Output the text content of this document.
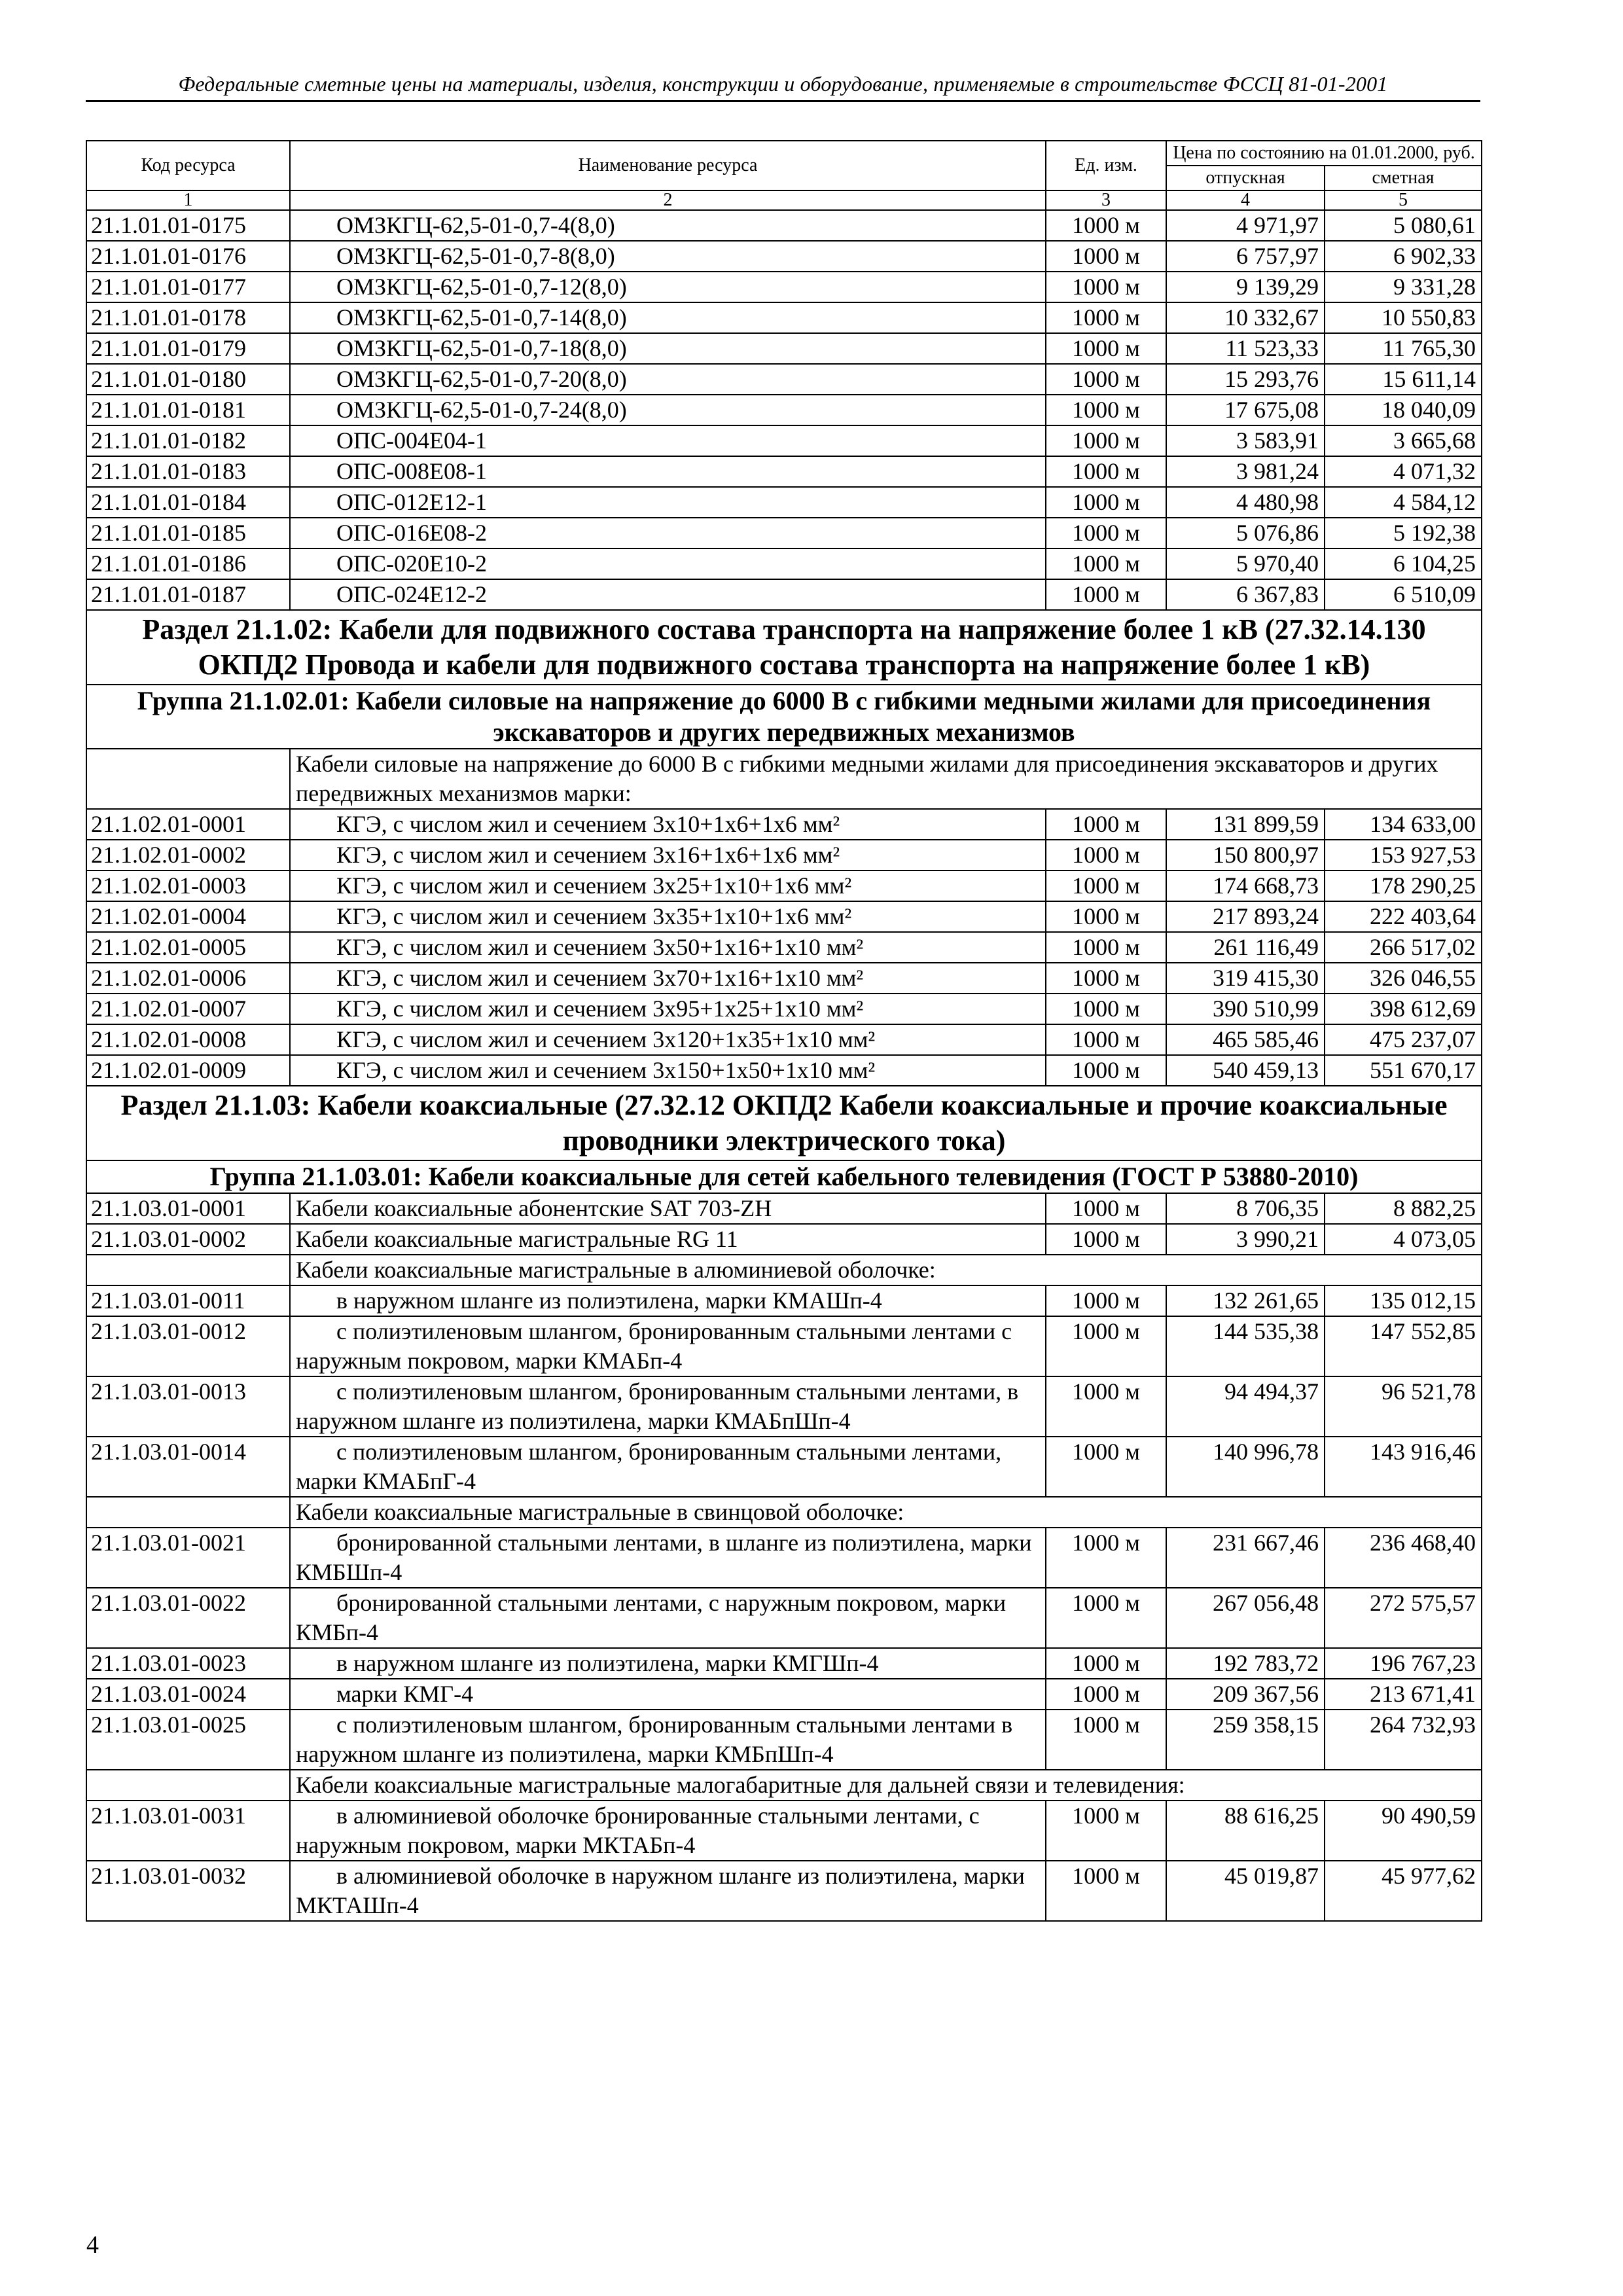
Федеральные сметные цены на материалы, изделия, конструкции и оборудование, применяемые в строительстве ФССЦ 81-01-2001
Код ресурса	Наименование ресурса	Ед. изм.	Цена по состоянию на 01.01.2000, руб.	
			отпускная	сметная
1	2	3	4	5
21.1.01.01-0175	ОМЗКГЦ-62,5-01-0,7-4(8,0)	1000 м	4 971,97	5 080,61
21.1.01.01-0176	ОМЗКГЦ-62,5-01-0,7-8(8,0)	1000 м	6 757,97	6 902,33
21.1.01.01-0177	ОМЗКГЦ-62,5-01-0,7-12(8,0)	1000 м	9 139,29	9 331,28
21.1.01.01-0178	ОМЗКГЦ-62,5-01-0,7-14(8,0)	1000 м	10 332,67	10 550,83
21.1.01.01-0179	ОМЗКГЦ-62,5-01-0,7-18(8,0)	1000 м	11 523,33	11 765,30
21.1.01.01-0180	ОМЗКГЦ-62,5-01-0,7-20(8,0)	1000 м	15 293,76	15 611,14
21.1.01.01-0181	ОМЗКГЦ-62,5-01-0,7-24(8,0)	1000 м	17 675,08	18 040,09
21.1.01.01-0182	ОПС-004Е04-1	1000 м	3 583,91	3 665,68
21.1.01.01-0183	ОПС-008Е08-1	1000 м	3 981,24	4 071,32
21.1.01.01-0184	ОПС-012Е12-1	1000 м	4 480,98	4 584,12
21.1.01.01-0185	ОПС-016Е08-2	1000 м	5 076,86	5 192,38
21.1.01.01-0186	ОПС-020Е10-2	1000 м	5 970,40	6 104,25
21.1.01.01-0187	ОПС-024Е12-2	1000 м	6 367,83	6 510,09
Раздел 21.1.02: Кабели для подвижного состава транспорта на напряжение более 1 кВ (27.32.14.130 ОКПД2 Провода и кабели для подвижного состава транспорта на напряжение более 1 кВ)				
Группа 21.1.02.01: Кабели силовые на напряжение до 6000 В с гибкими медными жилами для присоединения экскаваторов и других передвижных механизмов				
	Кабели силовые на напряжение до 6000 В с гибкими медными жилами для присоединения экскаваторов и других передвижных механизмов марки:			
21.1.02.01-0001	КГЭ, с числом жил и сечением 3х10+1х6+1х6 мм²	1000 м	131 899,59	134 633,00
21.1.02.01-0002	КГЭ, с числом жил и сечением 3х16+1х6+1х6 мм²	1000 м	150 800,97	153 927,53
21.1.02.01-0003	КГЭ, с числом жил и сечением 3х25+1х10+1х6 мм²	1000 м	174 668,73	178 290,25
21.1.02.01-0004	КГЭ, с числом жил и сечением 3х35+1х10+1х6 мм²	1000 м	217 893,24	222 403,64
21.1.02.01-0005	КГЭ, с числом жил и сечением 3х50+1х16+1х10 мм²	1000 м	261 116,49	266 517,02
21.1.02.01-0006	КГЭ, с числом жил и сечением 3х70+1х16+1х10 мм²	1000 м	319 415,30	326 046,55
21.1.02.01-0007	КГЭ, с числом жил и сечением 3х95+1х25+1х10 мм²	1000 м	390 510,99	398 612,69
21.1.02.01-0008	КГЭ, с числом жил и сечением 3х120+1х35+1х10 мм²	1000 м	465 585,46	475 237,07
21.1.02.01-0009	КГЭ, с числом жил и сечением 3х150+1х50+1х10 мм²	1000 м	540 459,13	551 670,17
Раздел 21.1.03: Кабели коаксиальные (27.32.12 ОКПД2 Кабели коаксиальные и прочие коаксиальные проводники электрического тока)				
Группа 21.1.03.01: Кабели коаксиальные для сетей кабельного телевидения (ГОСТ Р 53880-2010)				
21.1.03.01-0001	Кабели коаксиальные абонентские SAT 703-ZH	1000 м	8 706,35	8 882,25
21.1.03.01-0002	Кабели коаксиальные магистральные RG 11	1000 м	3 990,21	4 073,05
	Кабели коаксиальные магистральные в алюминиевой оболочке:			
21.1.03.01-0011	в наружном шланге из полиэтилена, марки КМАШп-4	1000 м	132 261,65	135 012,15
21.1.03.01-0012	с полиэтиленовым шлангом, бронированным стальными лентами с наружным покровом, марки КМАБп-4	1000 м	144 535,38	147 552,85
21.1.03.01-0013	с полиэтиленовым шлангом, бронированным стальными лентами, в наружном шланге из полиэтилена, марки КМАБпШп-4	1000 м	94 494,37	96 521,78
21.1.03.01-0014	с полиэтиленовым шлангом, бронированным стальными лентами, марки КМАБпГ-4	1000 м	140 996,78	143 916,46
	Кабели коаксиальные магистральные в свинцовой оболочке:			
21.1.03.01-0021	бронированной стальными лентами, в шланге из полиэтилена, марки КМБШп-4	1000 м	231 667,46	236 468,40
21.1.03.01-0022	бронированной стальными лентами, с наружным покровом, марки КМБп-4	1000 м	267 056,48	272 575,57
21.1.03.01-0023	в наружном шланге из полиэтилена, марки КМГШп-4	1000 м	192 783,72	196 767,23
21.1.03.01-0024	марки КМГ-4	1000 м	209 367,56	213 671,41
21.1.03.01-0025	с полиэтиленовым шлангом, бронированным стальными лентами в наружном шланге из полиэтилена, марки КМБпШп-4	1000 м	259 358,15	264 732,93
	Кабели коаксиальные магистральные малогабаритные для дальней связи и телевидения:			
21.1.03.01-0031	в алюминиевой оболочке бронированные стальными лентами, с наружным покровом, марки МКТАБп-4	1000 м	88 616,25	90 490,59
21.1.03.01-0032	в алюминиевой оболочке в наружном шланге из полиэтилена, марки МКТАШп-4	1000 м	45 019,87	45 977,62
4
